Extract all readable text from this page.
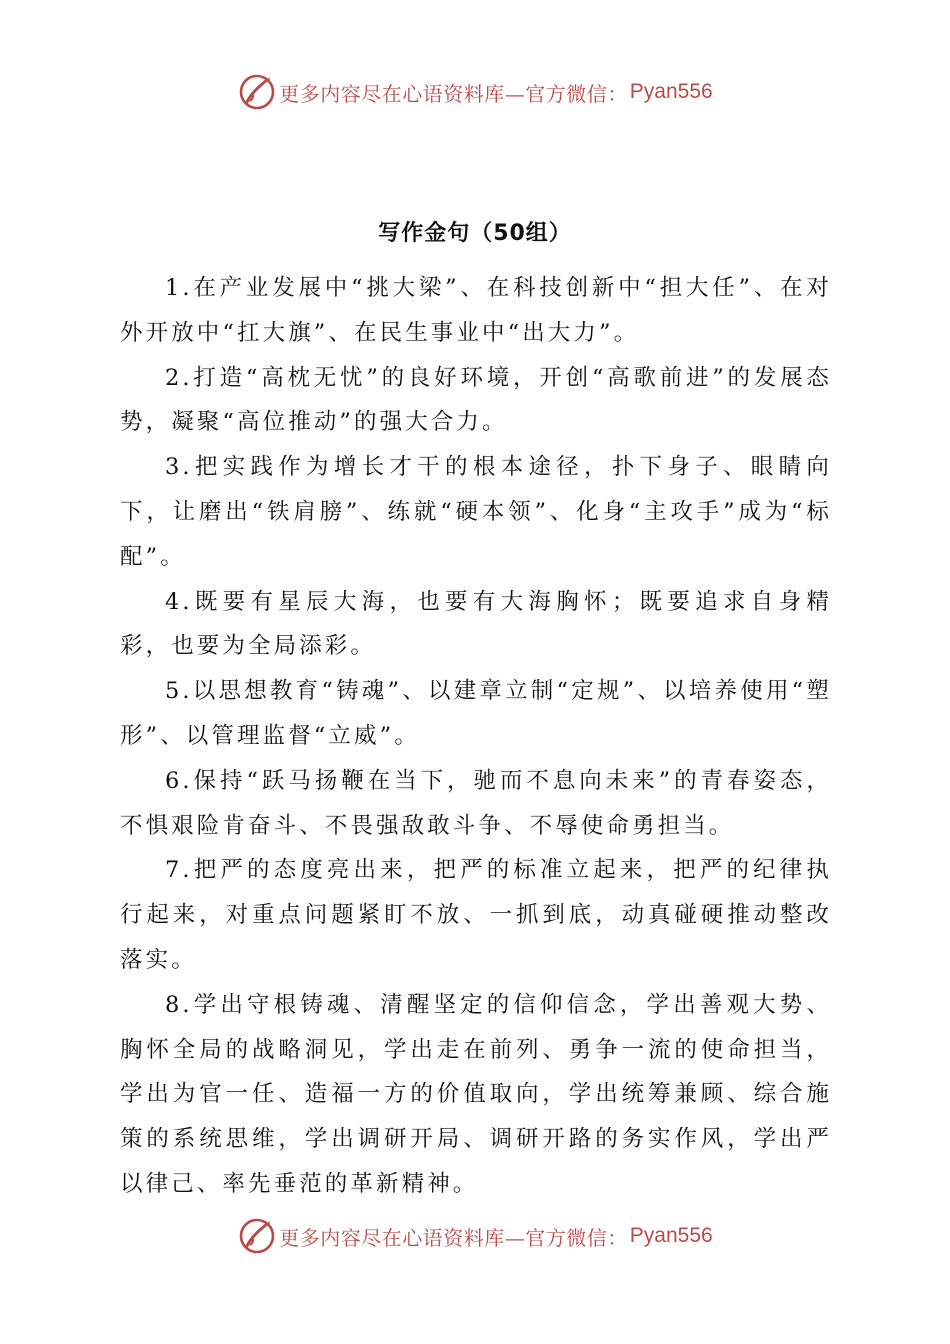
更多内容尽在心语资料库—官方微信： Pyan556
写作金句（50组）

1.在产业发展中“挑大梁”、在科技创新中“担大任”、在对外开放中“扛大旗”、在民生事业中“出大力”。

2.打造“高枕无忧”的良好环境，开创“高歌前进”的发展态势，凝聚“高位推动”的强大合力。

3.把实践作为增长才干的根本途径，扑下身子、眼睛向下，让磨出“铁肩膀”、练就“硬本领”、化身“主攻手”成为“标配”。

4.既要有星辰大海，也要有大海胸怀；既要追求自身精彩，也要为全局添彩。

5.以思想教育“铸魂”、以建章立制“定规”、以培养使用“塑形”、以管理监督“立威”。

6.保持“跃马扬鞭在当下，驰而不息向未来”的青春姿态，不惧艰险肯奋斗、不畏强敌敢斗争、不辱使命勇担当。

7.把严的态度亮出来，把严的标准立起来，把严的纪律执行起来，对重点问题紧盯不放、一抓到底，动真碰硬推动整改落实。

8.学出守根铸魂、清醒坚定的信仰信念，学出善观大势、胸怀全局的战略洞见，学出走在前列、勇争一流的使命担当，学出为官一任、造福一方的价值取向，学出统筹兼顾、综合施策的系统思维，学出调研开局、调研开路的务实作风，学出严以律己、率先垂范的革新精神。

更多内容尽在心语资料库—官方微信： Pyan556
